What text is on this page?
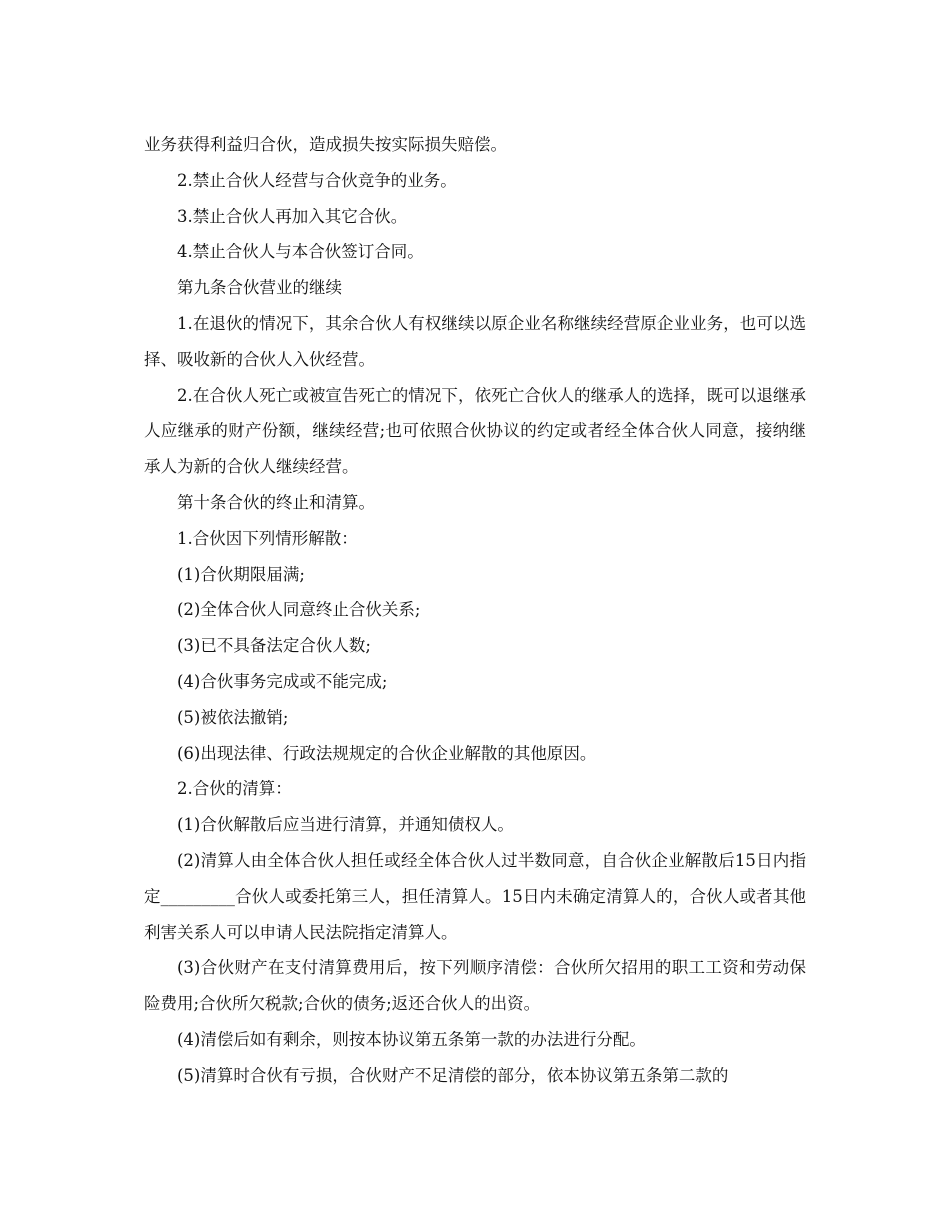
业务获得利益归合伙，造成损失按实际损失赔偿。

2.禁止合伙人经营与合伙竞争的业务。

3.禁止合伙人再加入其它合伙。

4.禁止合伙人与本合伙签订合同。

第九条合伙营业的继续

1.在退伙的情况下，其余合伙人有权继续以原企业名称继续经营原企业业务，也可以选择、吸收新的合伙人入伙经营。

2.在合伙人死亡或被宣告死亡的情况下，依死亡合伙人的继承人的选择，既可以退继承人应继承的财产份额，继续经营;也可依照合伙协议的约定或者经全体合伙人同意，接纳继承人为新的合伙人继续经营。

第十条合伙的终止和清算。

1.合伙因下列情形解散：

(1)合伙期限届满;

(2)全体合伙人同意终止合伙关系;

(3)已不具备法定合伙人数;

(4)合伙事务完成或不能完成;

(5)被依法撤销;

(6)出现法律、行政法规规定的合伙企业解散的其他原因。

2.合伙的清算：

(1)合伙解散后应当进行清算，并通知债权人。

(2)清算人由全体合伙人担任或经全体合伙人过半数同意，自合伙企业解散后15日内指定_________合伙人或委托第三人，担任清算人。15日内未确定清算人的，合伙人或者其他利害关系人可以申请人民法院指定清算人。

(3)合伙财产在支付清算费用后，按下列顺序清偿：合伙所欠招用的职工工资和劳动保险费用;合伙所欠税款;合伙的债务;返还合伙人的出资。

(4)清偿后如有剩余，则按本协议第五条第一款的办法进行分配。

(5)清算时合伙有亏损，合伙财产不足清偿的部分，依本协议第五条第二款的
